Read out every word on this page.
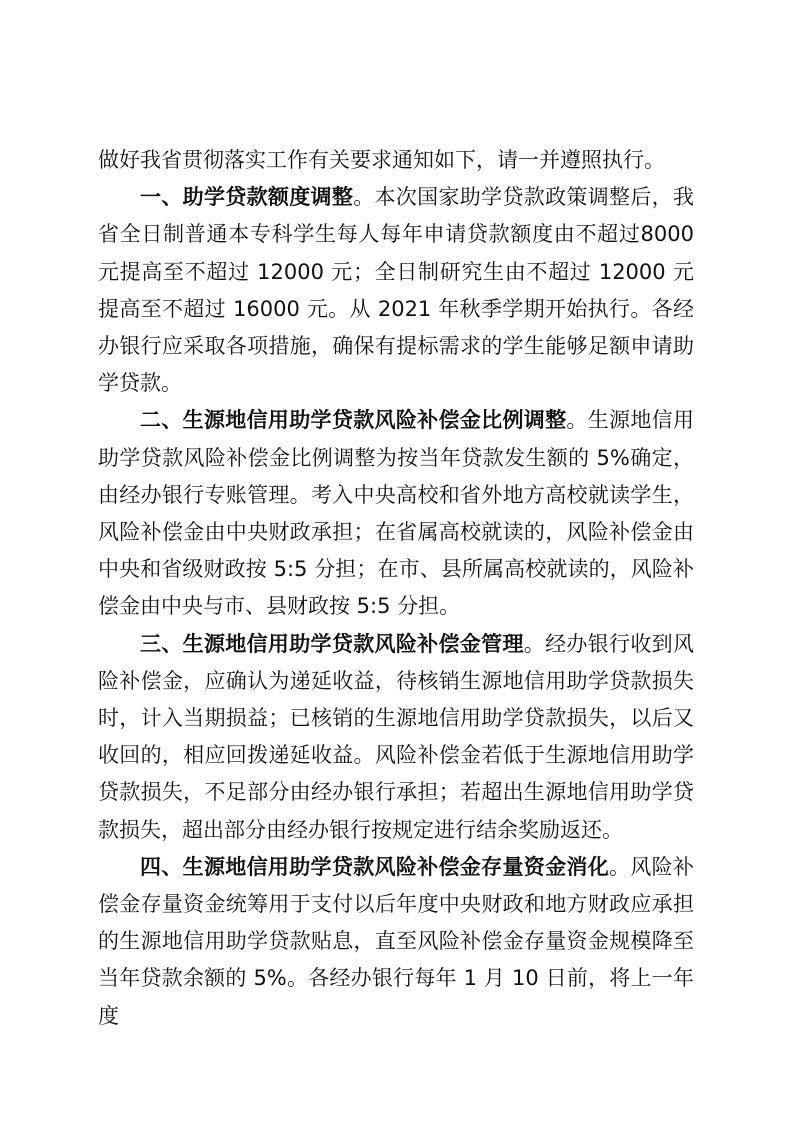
做好我省贯彻落实工作有关要求通知如下，请一并遵照执行。

一、助学贷款额度调整。本次国家助学贷款政策调整后，我省全日制普通本专科学生每人每年申请贷款额度由不超过8000元提高至不超过 12000 元；全日制研究生由不超过 12000 元提高至不超过 16000 元。从 2021 年秋季学期开始执行。各经办银行应采取各项措施，确保有提标需求的学生能够足额申请助学贷款。

二、生源地信用助学贷款风险补偿金比例调整。生源地信用助学贷款风险补偿金比例调整为按当年贷款发生额的 5%确定，由经办银行专账管理。考入中央高校和省外地方高校就读学生，风险补偿金由中央财政承担；在省属高校就读的，风险补偿金由中央和省级财政按 5:5 分担；在市、县所属高校就读的，风险补偿金由中央与市、县财政按 5:5 分担。

三、生源地信用助学贷款风险补偿金管理。经办银行收到风险补偿金，应确认为递延收益，待核销生源地信用助学贷款损失时，计入当期损益；已核销的生源地信用助学贷款损失，以后又收回的，相应回拨递延收益。风险补偿金若低于生源地信用助学贷款损失，不足部分由经办银行承担；若超出生源地信用助学贷款损失，超出部分由经办银行按规定进行结余奖励返还。

四、生源地信用助学贷款风险补偿金存量资金消化。风险补偿金存量资金统筹用于支付以后年度中央财政和地方财政应承担的生源地信用助学贷款贴息，直至风险补偿金存量资金规模降至当年贷款余额的 5%。各经办银行每年 1 月 10 日前，将上一年度
